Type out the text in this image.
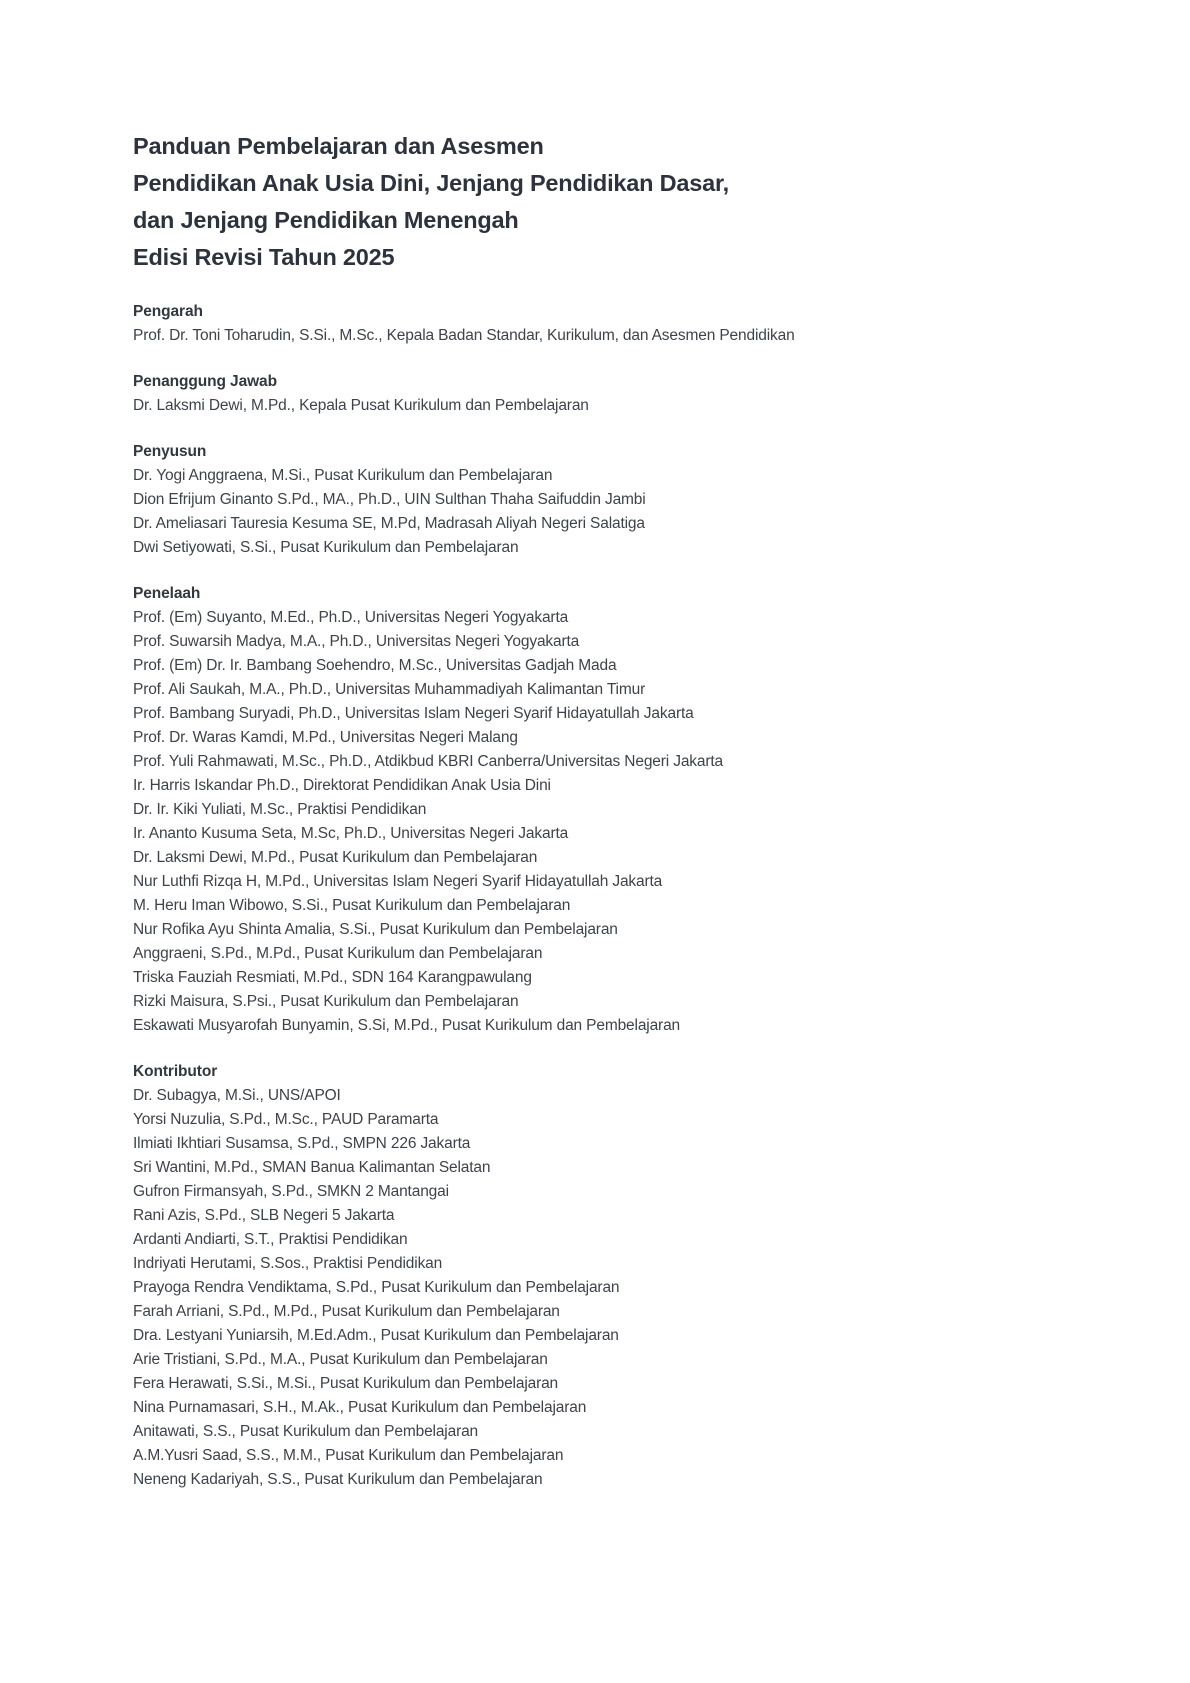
Panduan Pembelajaran dan Asesmen
Pendidikan Anak Usia Dini, Jenjang Pendidikan Dasar,
dan Jenjang Pendidikan Menengah
Edisi Revisi Tahun 2025
Pengarah

Prof. Dr. Toni Toharudin, S.Si., M.Sc., Kepala Badan Standar, Kurikulum, dan Asesmen Pendidikan

Penanggung Jawab

Dr. Laksmi Dewi, M.Pd., Kepala Pusat Kurikulum dan Pembelajaran

Penyusun

Dr. Yogi Anggraena, M.Si., Pusat Kurikulum dan Pembelajaran

Dion Efrijum Ginanto S.Pd., MA., Ph.D., UIN Sulthan Thaha Saifuddin Jambi

Dr. Ameliasari Tauresia Kesuma SE, M.Pd, Madrasah Aliyah Negeri Salatiga

Dwi Setiyowati, S.Si., Pusat Kurikulum dan Pembelajaran

Penelaah

Prof. (Em) Suyanto, M.Ed., Ph.D., Universitas Negeri Yogyakarta

Prof. Suwarsih Madya, M.A., Ph.D., Universitas Negeri Yogyakarta

Prof. (Em) Dr. Ir. Bambang Soehendro, M.Sc., Universitas Gadjah Mada

Prof. Ali Saukah, M.A., Ph.D., Universitas Muhammadiyah Kalimantan Timur

Prof. Bambang Suryadi, Ph.D., Universitas Islam Negeri Syarif Hidayatullah Jakarta

Prof. Dr. Waras Kamdi, M.Pd., Universitas Negeri Malang

Prof. Yuli Rahmawati, M.Sc., Ph.D., Atdikbud KBRI Canberra/Universitas Negeri Jakarta

Ir. Harris Iskandar Ph.D., Direktorat Pendidikan Anak Usia Dini

Dr. Ir. Kiki Yuliati, M.Sc., Praktisi Pendidikan

Ir. Ananto Kusuma Seta, M.Sc, Ph.D., Universitas Negeri Jakarta

Dr. Laksmi Dewi, M.Pd., Pusat Kurikulum dan Pembelajaran

Nur Luthfi Rizqa H, M.Pd., Universitas Islam Negeri Syarif Hidayatullah Jakarta

M. Heru Iman Wibowo, S.Si., Pusat Kurikulum dan Pembelajaran

Nur Rofika Ayu Shinta Amalia, S.Si., Pusat Kurikulum dan Pembelajaran

Anggraeni, S.Pd., M.Pd., Pusat Kurikulum dan Pembelajaran

Triska Fauziah Resmiati, M.Pd., SDN 164 Karangpawulang

Rizki Maisura, S.Psi., Pusat Kurikulum dan Pembelajaran

Eskawati Musyarofah Bunyamin, S.Si, M.Pd., Pusat Kurikulum dan Pembelajaran

Kontributor

Dr. Subagya, M.Si., UNS/APOI

Yorsi Nuzulia, S.Pd., M.Sc., PAUD Paramarta

Ilmiati Ikhtiari Susamsa, S.Pd., SMPN 226 Jakarta

Sri Wantini, M.Pd., SMAN Banua Kalimantan Selatan

Gufron Firmansyah, S.Pd., SMKN 2 Mantangai

Rani Azis, S.Pd., SLB Negeri 5 Jakarta

Ardanti Andiarti, S.T., Praktisi Pendidikan

Indriyati Herutami, S.Sos., Praktisi Pendidikan

Prayoga Rendra Vendiktama, S.Pd., Pusat Kurikulum dan Pembelajaran

Farah Arriani, S.Pd., M.Pd., Pusat Kurikulum dan Pembelajaran

Dra. Lestyani Yuniarsih, M.Ed.Adm., Pusat Kurikulum dan Pembelajaran

Arie Tristiani, S.Pd., M.A., Pusat Kurikulum dan Pembelajaran

Fera Herawati, S.Si., M.Si., Pusat Kurikulum dan Pembelajaran

Nina Purnamasari, S.H., M.Ak., Pusat Kurikulum dan Pembelajaran

Anitawati, S.S., Pusat Kurikulum dan Pembelajaran

A.M.Yusri Saad, S.S., M.M., Pusat Kurikulum dan Pembelajaran

Neneng Kadariyah, S.S., Pusat Kurikulum dan Pembelajaran
